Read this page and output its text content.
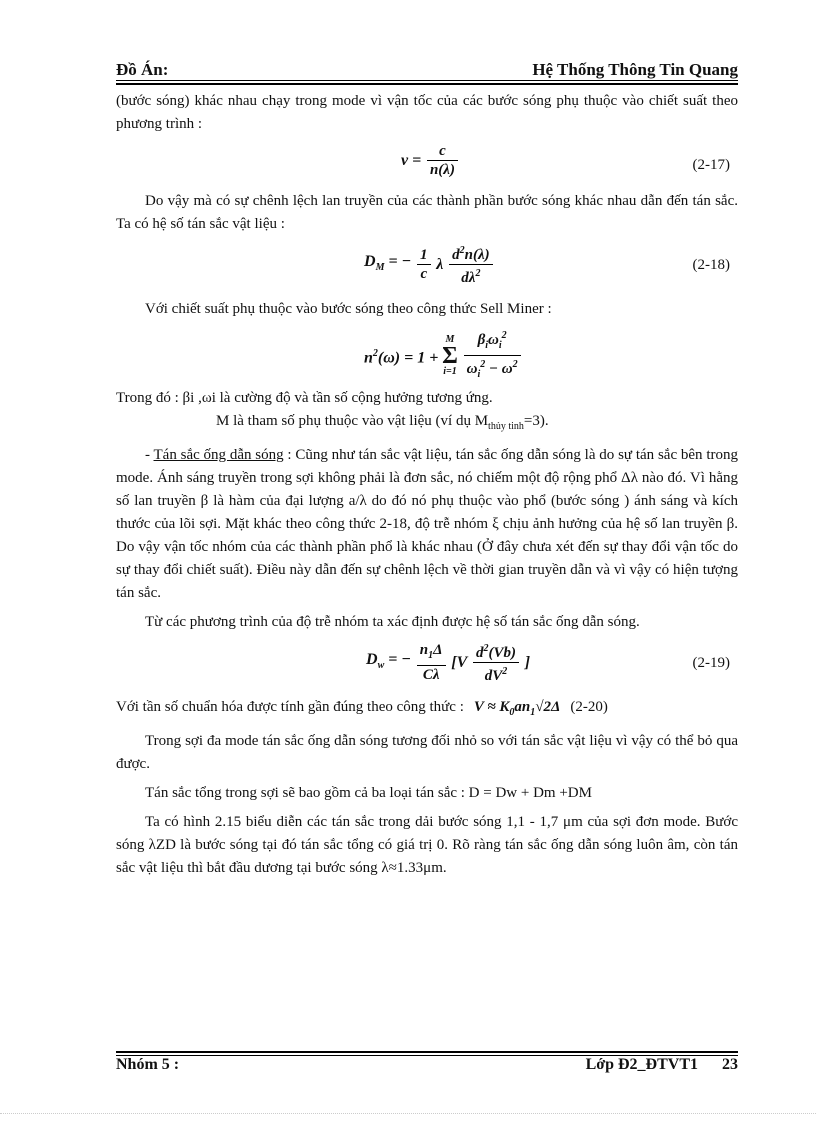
Đồ Án:	Hệ Thống Thông Tin Quang

(bước sóng) khác nhau chạy trong mode vì vận tốc của các bước sóng phụ thuộc vào chiết suất theo phương trình :

$v = \frac{c}{n(\lambda)}$	(2-17)

Do vậy mà có sự chênh lệch lan truyền của các thành phần bước sóng khác nhau dẫn đến tán sắc. Ta có hệ số tán sắc vật liệu :

$D_M$ = − $\frac{1}{c}$ λ $\frac{d^2n(\lambda)}{d\lambda^2}$	(2-18)

Với chiết suất phụ thuộc vào bước sóng theo công thức Sell Miner :

$n^2(\omega) = 1 + M$
Σ
$i=1 \frac{\beta_i\omega_i^2}{\omega_i^2 - \omega^2}$

Trong đó : βi ,ωi là cường độ và tần số cộng hưởng tương ứng.

M là tham số phụ thuộc vào vật liệu (ví dụ $M_{thủy tinh}=3$).

- Tán sắc ống dẫn sóng : Cũng như tán sắc vật liệu, tán sắc ống dẫn sóng là do sự tán sắc bên trong mode. Ánh sáng truyền trong sợi không phải là đơn sắc, nó chiếm một độ rộng phổ Δλ nào đó. Vì hằng số lan truyền β là hàm của đại lượng a/λ do đó nó phụ thuộc vào phổ (bước sóng ) ánh sáng và kích thước của lõi sợi. Mặt khác theo công thức 2-18, độ trễ nhóm ξ chịu ảnh hưởng của hệ số lan truyền β. Do vậy vận tốc nhóm của các thành phần phổ là khác nhau (Ở đây chưa xét đến sự thay đổi vận tốc do sự thay đổi chiết suất). Điều này dẫn đến sự chênh lệch về thời gian truyền dẫn và vì vậy có hiện tượng tán sắc.

Từ các phương trình của độ trễ nhóm ta xác định được hệ số tán sắc ống dẫn sóng.

$D_w$ = − $\frac{n_1\Delta}{C\lambda} [V \frac{d^2(Vb)}{dV^2}$ ]	(2-19)

Với tần số chuẩn hóa được tính gần đúng theo công thức : $V \approx K_0an_1√2\Delta$ (2-20)

Trong sợi đa mode tán sắc ống dẫn sóng tương đối nhỏ so với tán sắc vật liệu vì vậy có thể bỏ qua được.

Tán sắc tổng trong sợi sẽ bao gồm cả ba loại tán sắc : D = Dw + Dm +DM

Ta có hình 2.15 biểu diễn các tán sắc trong dải bước sóng 1,1 - 1,7 μm của sợi đơn mode. Bước sóng λZD là bước sóng tại đó tán sắc tổng có giá trị 0. Rõ ràng tán sắc ống dẫn sóng luôn âm, còn tán sắc vật liệu thì bắt đầu dương tại bước sóng λ≈1.33μm.

Nhóm 5 :	Lớp Đ2_ĐTVT1 23
